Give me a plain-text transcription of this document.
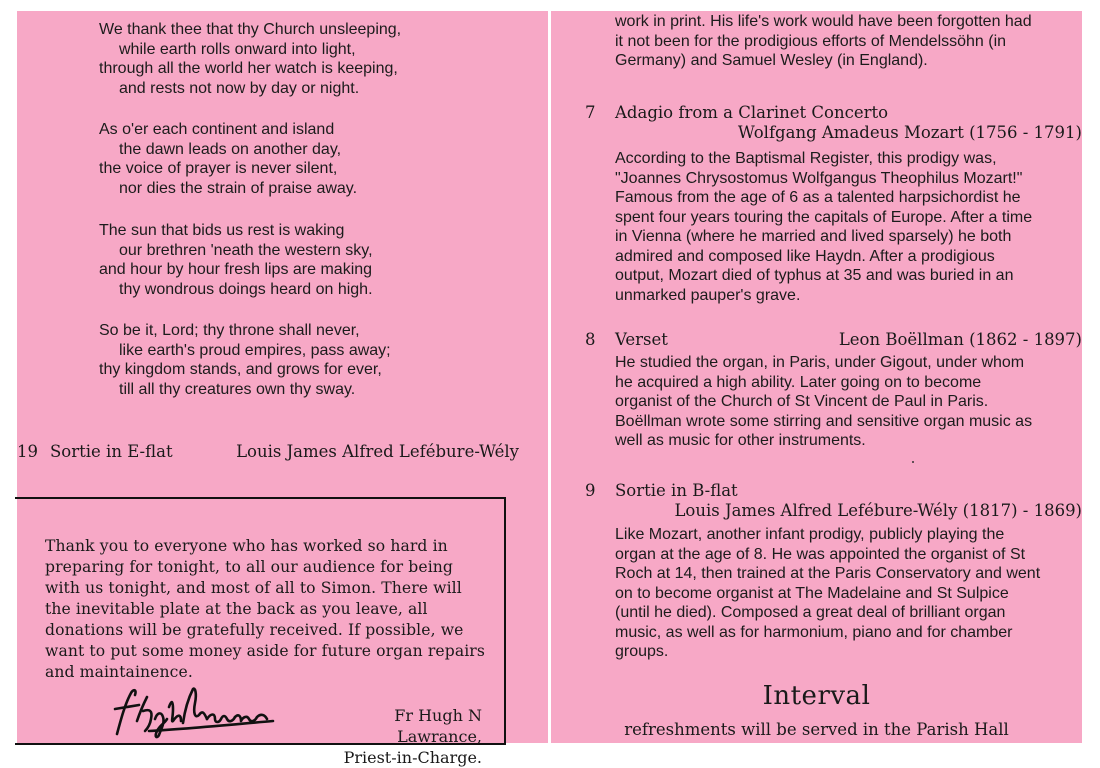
We thank thee that thy Church unsleeping,
while earth rolls onward into light,
through all the world her watch is keeping,
and rests not now by day or night.
As o'er each continent and island
the dawn leads on another day,
the voice of prayer is never silent,
nor dies the strain of praise away.
The sun that bids us rest is waking
our brethren 'neath the western sky,
and hour by hour fresh lips are making
thy wondrous doings heard on high.
So be it, Lord; thy throne shall never,
like earth's proud empires, pass away;
thy kingdom stands, and grows for ever,
till all thy creatures own thy sway.
19 Sortie in E-flat	Louis James Alfred Lefébure-Wély
Thank you to everyone who has worked so hard in
preparing for tonight, to all our audience for being
with us tonight, and most of all to Simon. There will
the inevitable plate at the back as you leave, all
donations will be gratefully received. If possible, we
want to put some money aside for future organ repairs
and maintainence.
Fr Hugh N Lawrance,
Priest-in-Charge.
work in print. His life's work would have been forgotten had
it not been for the prodigious efforts of Mendelssöhn (in
Germany) and Samuel Wesley (in England).
7 Adagio from a Clarinet Concerto
Wolfgang Amadeus Mozart (1756 - 1791)
According to the Baptismal Register, this prodigy was,
"Joannes Chrysostomus Wolfgangus Theophilus Mozart!"
Famous from the age of 6 as a talented harpsichordist he
spent four years touring the capitals of Europe. After a time
in Vienna (where he married and lived sparsely) he both
admired and composed like Haydn. After a prodigious
output, Mozart died of typhus at 35 and was buried in an
unmarked pauper's grave.
8 Verset	Leon Boëllman (1862 - 1897)
He studied the organ, in Paris, under Gigout, under whom
he acquired a high ability. Later going on to become
organist of the Church of St Vincent de Paul in Paris.
Boëllman wrote some stirring and sensitive organ music as
well as music for other instruments.
9 Sortie in B-flat
Louis James Alfred Lefébure-Wély (1817) - 1869)
Like Mozart, another infant prodigy, publicly playing the
organ at the age of 8. He was appointed the organist of St
Roch at 14, then trained at the Paris Conservatory and went
on to become organist at The Madelaine and St Sulpice
(until he died). Composed a great deal of brilliant organ
music, as well as for harmonium, piano and for chamber
groups.
Interval
refreshments will be served in the Parish Hall
